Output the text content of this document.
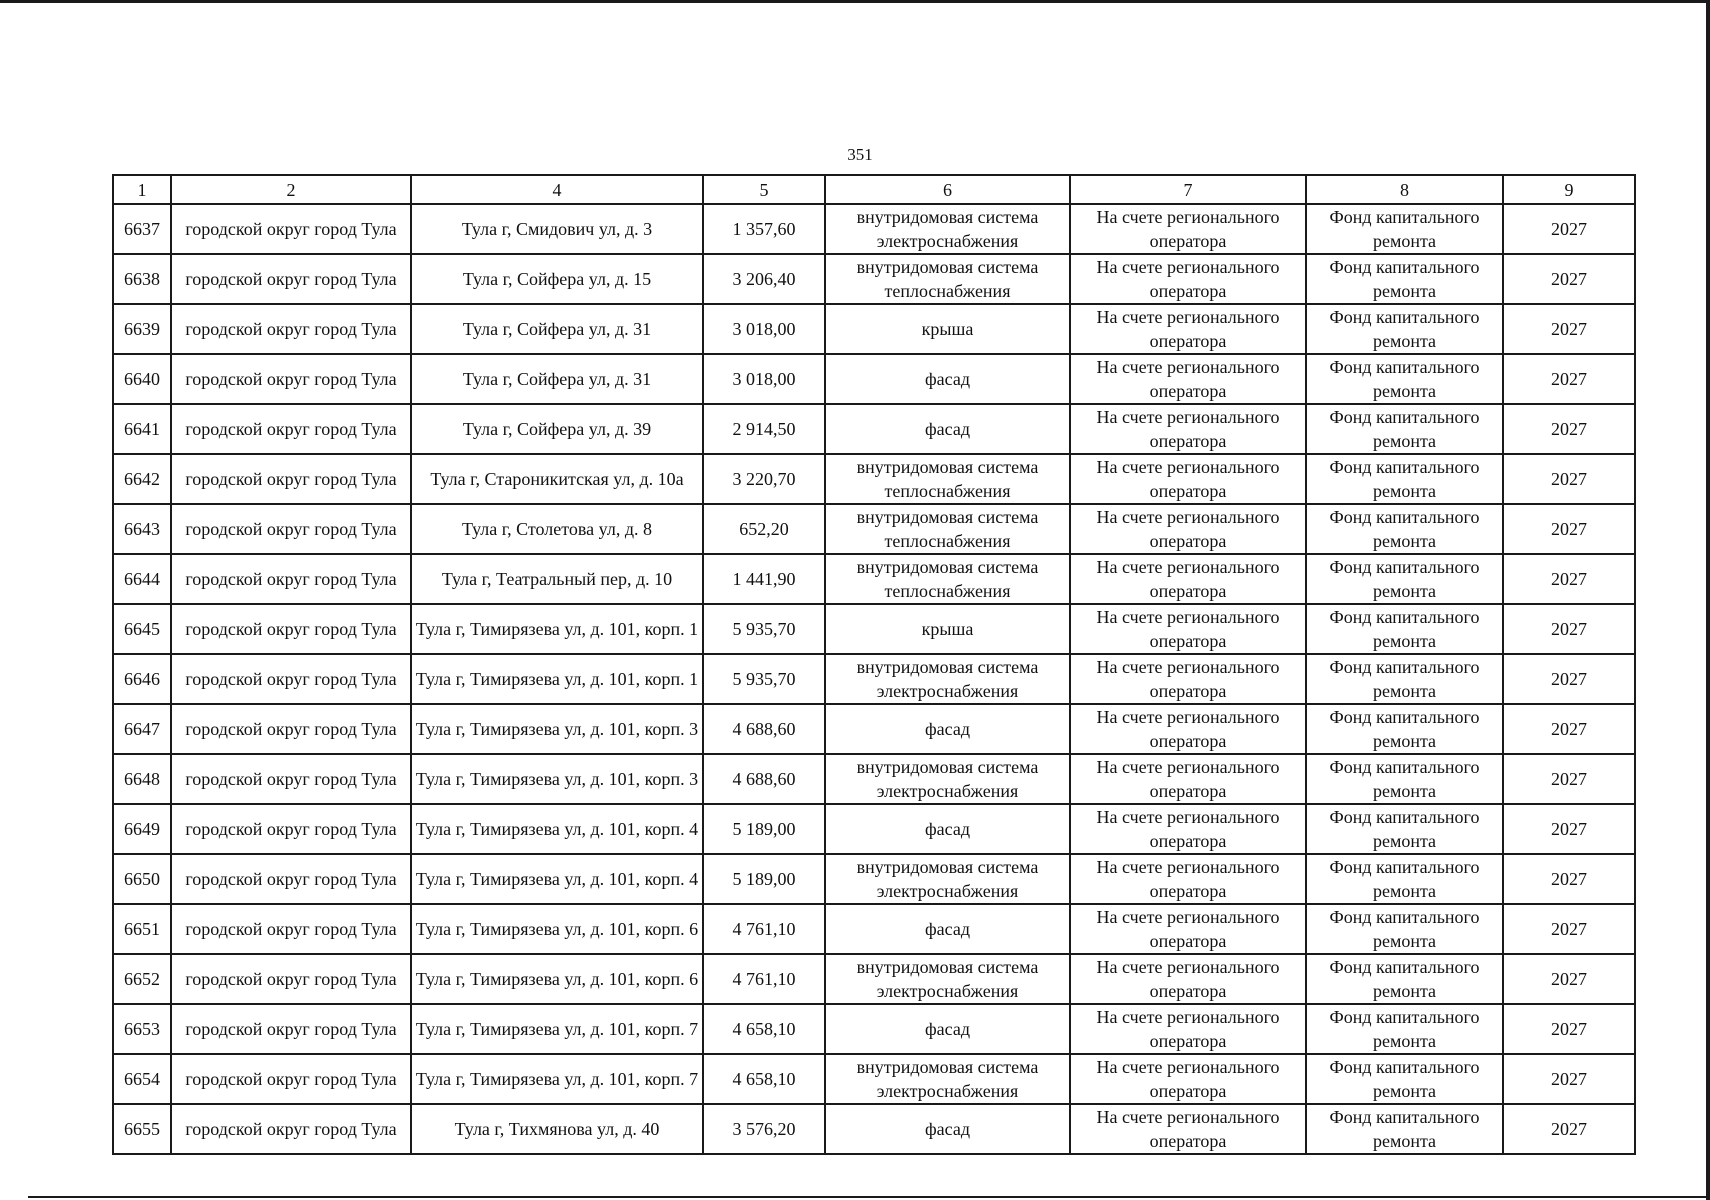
351
1	2	4	5	6	7	8	9
6637	городской округ город Тула	Тула г, Смидович ул, д. 3	1 357,60	внутридомовая система электроснабжения	На счете регионального оператора	Фонд капитального ремонта	2027
6638	городской округ город Тула	Тула г, Сойфера ул, д. 15	3 206,40	внутридомовая система теплоснабжения	На счете регионального оператора	Фонд капитального ремонта	2027
6639	городской округ город Тула	Тула г, Сойфера ул, д. 31	3 018,00	крыша	На счете регионального оператора	Фонд капитального ремонта	2027
6640	городской округ город Тула	Тула г, Сойфера ул, д. 31	3 018,00	фасад	На счете регионального оператора	Фонд капитального ремонта	2027
6641	городской округ город Тула	Тула г, Сойфера ул, д. 39	2 914,50	фасад	На счете регионального оператора	Фонд капитального ремонта	2027
6642	городской округ город Тула	Тула г, Староникитская ул, д. 10а	3 220,70	внутридомовая система теплоснабжения	На счете регионального оператора	Фонд капитального ремонта	2027
6643	городской округ город Тула	Тула г, Столетова ул, д. 8	652,20	внутридомовая система теплоснабжения	На счете регионального оператора	Фонд капитального ремонта	2027
6644	городской округ город Тула	Тула г, Театральный пер, д. 10	1 441,90	внутридомовая система теплоснабжения	На счете регионального оператора	Фонд капитального ремонта	2027
6645	городской округ город Тула	Тула г, Тимирязева ул, д. 101, корп. 1	5 935,70	крыша	На счете регионального оператора	Фонд капитального ремонта	2027
6646	городской округ город Тула	Тула г, Тимирязева ул, д. 101, корп. 1	5 935,70	внутридомовая система электроснабжения	На счете регионального оператора	Фонд капитального ремонта	2027
6647	городской округ город Тула	Тула г, Тимирязева ул, д. 101, корп. 3	4 688,60	фасад	На счете регионального оператора	Фонд капитального ремонта	2027
6648	городской округ город Тула	Тула г, Тимирязева ул, д. 101, корп. 3	4 688,60	внутридомовая система электроснабжения	На счете регионального оператора	Фонд капитального ремонта	2027
6649	городской округ город Тула	Тула г, Тимирязева ул, д. 101, корп. 4	5 189,00	фасад	На счете регионального оператора	Фонд капитального ремонта	2027
6650	городской округ город Тула	Тула г, Тимирязева ул, д. 101, корп. 4	5 189,00	внутридомовая система электроснабжения	На счете регионального оператора	Фонд капитального ремонта	2027
6651	городской округ город Тула	Тула г, Тимирязева ул, д. 101, корп. 6	4 761,10	фасад	На счете регионального оператора	Фонд капитального ремонта	2027
6652	городской округ город Тула	Тула г, Тимирязева ул, д. 101, корп. 6	4 761,10	внутридомовая система электроснабжения	На счете регионального оператора	Фонд капитального ремонта	2027
6653	городской округ город Тула	Тула г, Тимирязева ул, д. 101, корп. 7	4 658,10	фасад	На счете регионального оператора	Фонд капитального ремонта	2027
6654	городской округ город Тула	Тула г, Тимирязева ул, д. 101, корп. 7	4 658,10	внутридомовая система электроснабжения	На счете регионального оператора	Фонд капитального ремонта	2027
6655	городской округ город Тула	Тула г, Тихмянова ул, д. 40	3 576,20	фасад	На счете регионального оператора	Фонд капитального ремонта	2027
